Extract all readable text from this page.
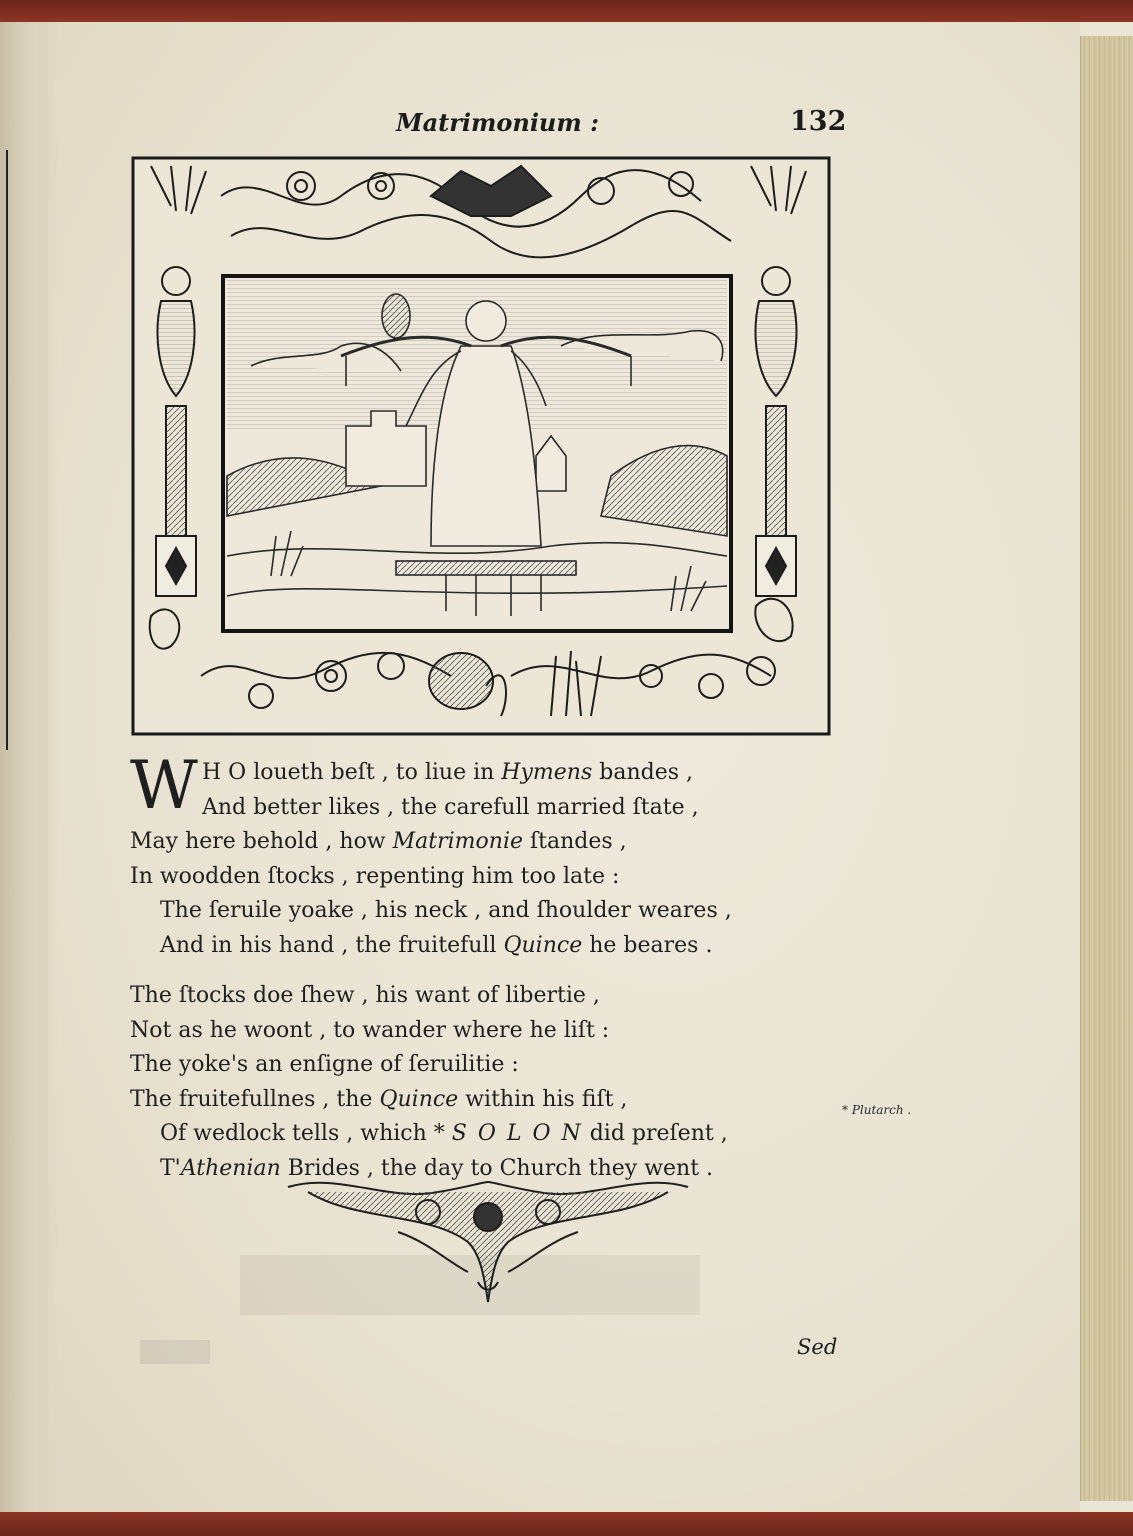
Matrimonium :	132
W H O loueth beſt , to liue in Hymens bandes ,
And better likes , the carefull married ſtate ,
May here behold , how Matrimonie ſtandes ,
In woodden ſtocks , repenting him too late :
The ſeruile yoake , his neck , and ſhoulder weares ,
And in his hand , the fruitefull Quince he beares .
The ſtocks doe ſhew , his want of libertie ,
Not as he woont , to wander where he liſt :
The yoke's an enſigne of ſeruilitie :
The fruitefullnes , the Quince within his fiſt ,
Of wedlock tells , which * S O L O N did preſent ,
T'Athenian Brides , the day to Church they went .
* Plutarch .
Sed
